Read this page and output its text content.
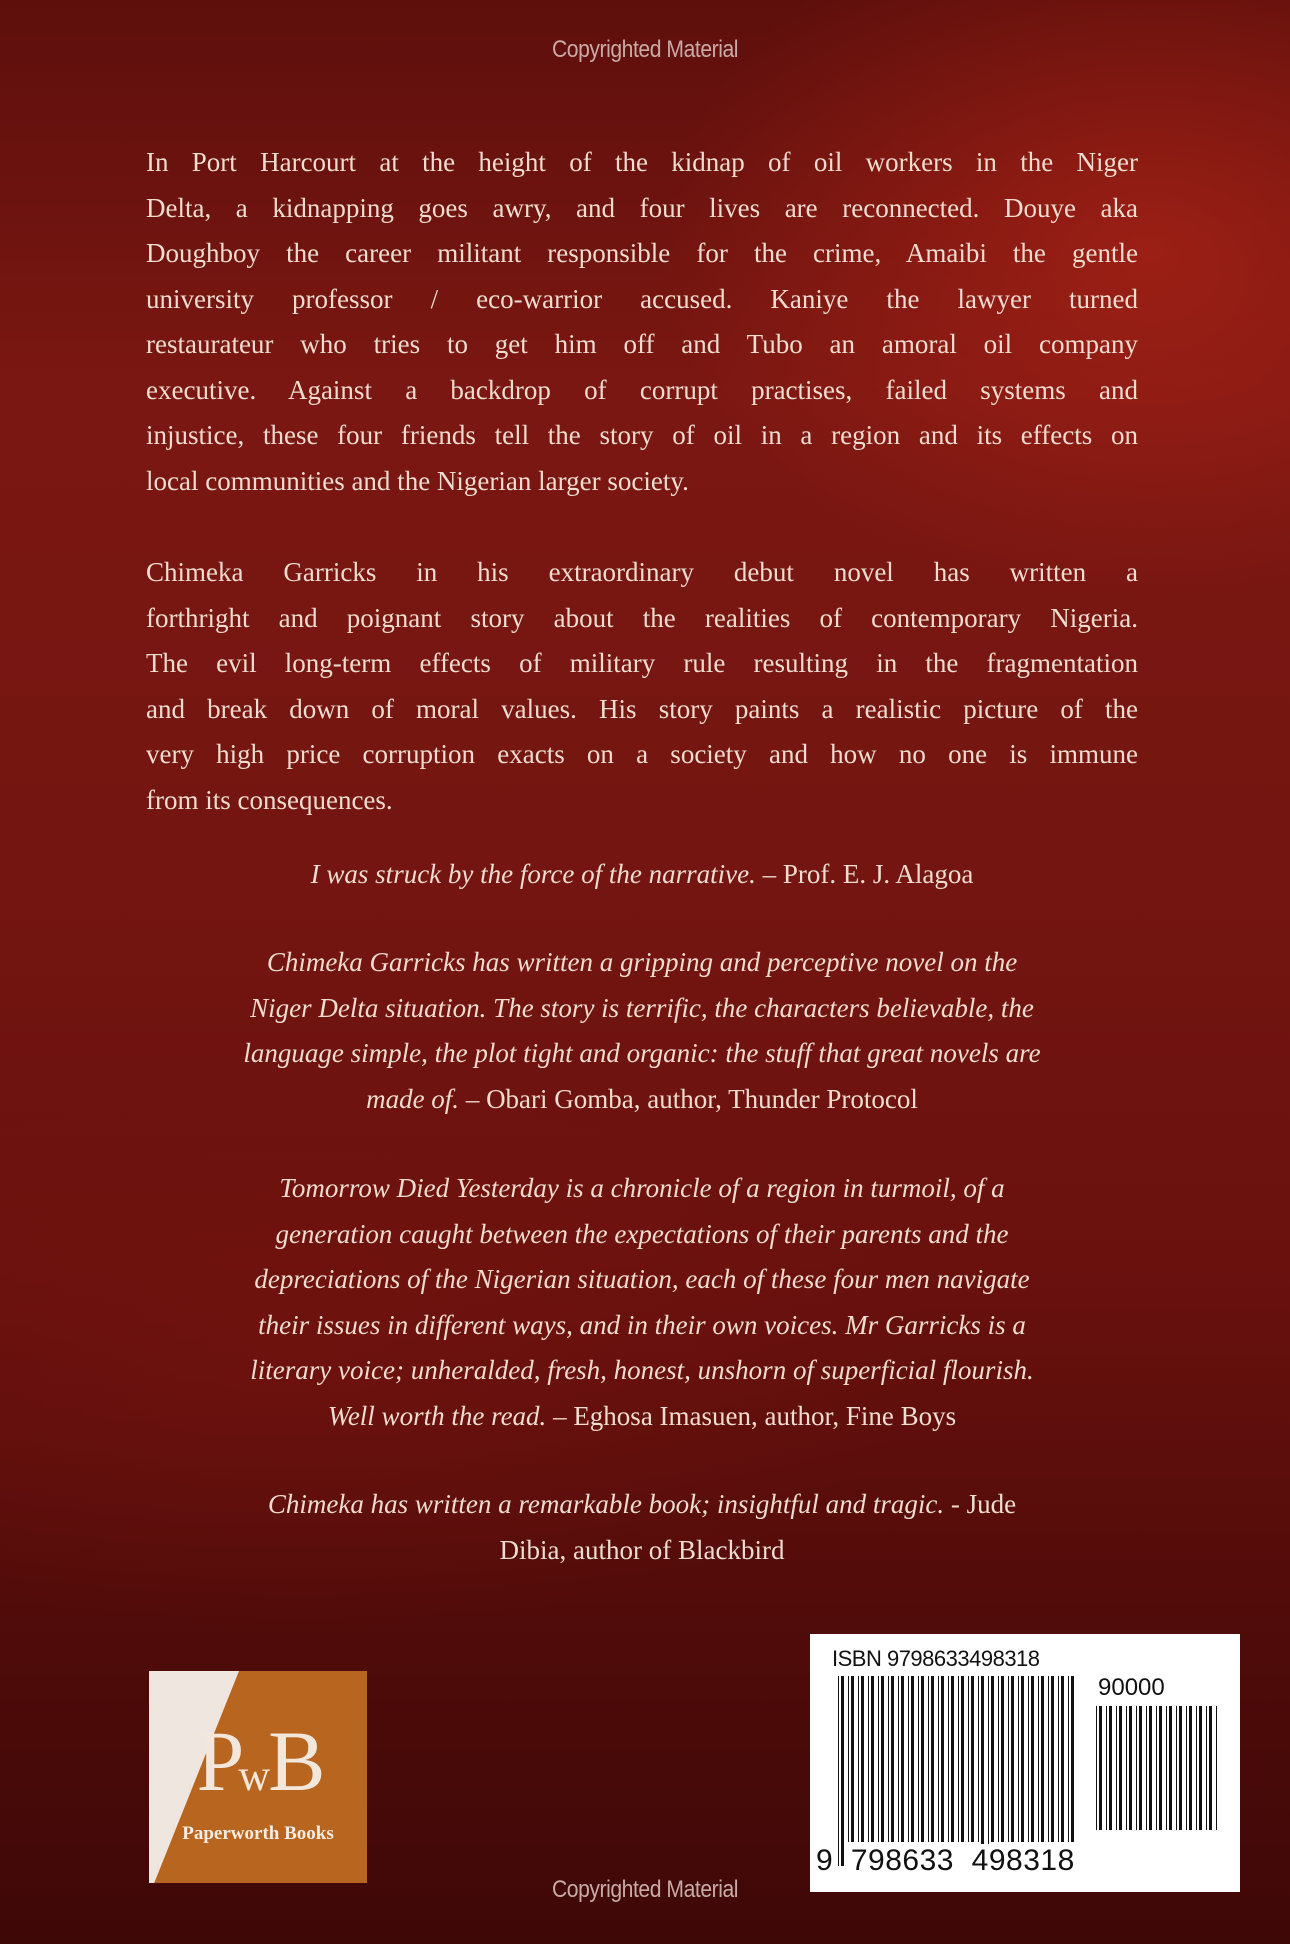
Copyrighted Material
In Port Harcourt at the height of the kidnap of oil workers in the Niger
Delta, a kidnapping goes awry, and four lives are reconnected. Douye aka
Doughboy the career militant responsible for the crime, Amaibi the gentle
university professor / eco-warrior accused. Kaniye the lawyer turned
restaurateur who tries to get him off and Tubo an amoral oil company
executive. Against a backdrop of corrupt practises, failed systems and
injustice, these four friends tell the story of oil in a region and its effects on
local communities and the Nigerian larger society.
Chimeka Garricks in his extraordinary debut novel has written a
forthright and poignant story about the realities of contemporary Nigeria.
The evil long-term effects of military rule resulting in the fragmentation
and break down of moral values. His story paints a realistic picture of the
very high price corruption exacts on a society and how no one is immune
from its consequences.
I was struck by the force of the narrative. – Prof. E. J. Alagoa
Chimeka Garricks has written a gripping and perceptive novel on the
Niger Delta situation. The story is terrific, the characters believable, the
language simple, the plot tight and organic: the stuff that great novels are
made of. – Obari Gomba, author, Thunder Protocol
Tomorrow Died Yesterday is a chronicle of a region in turmoil, of a
generation caught between the expectations of their parents and the
depreciations of the Nigerian situation, each of these four men navigate
their issues in different ways, and in their own voices. Mr Garricks is a
literary voice; unheralded, fresh, honest, unshorn of superficial flourish.
Well worth the read. – Eghosa Imasuen, author, Fine Boys
Chimeka has written a remarkable book; insightful and tragic. - Jude
Dibia, author of Blackbird
PwB
Paperworth Books
ISBN 9798633498318
90000
9 798633 498318
Copyrighted Material
